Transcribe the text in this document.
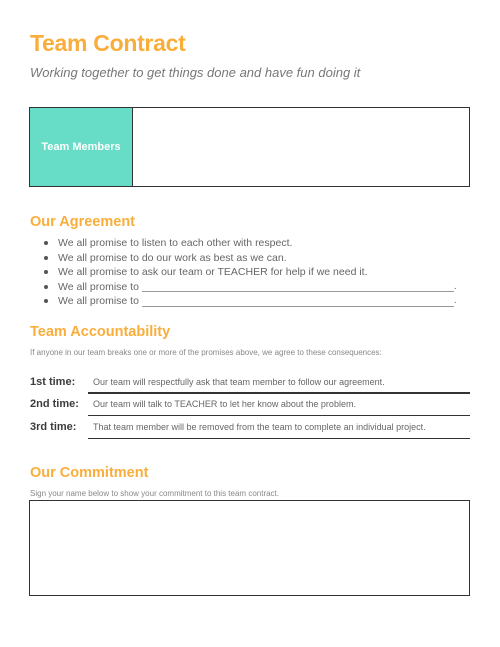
Team Contract
Working together to get things done and have fun doing it
Team Members
Our Agreement
We all promise to listen to each other with respect.
We all promise to do our work as best as we can.
We all promise to ask our team or TEACHER for help if we need it.
We all promise to	.
We all promise to	.
Team Accountability
If anyone in our team breaks one or more of the promises above, we agree to these consequences:
1st time:	Our team will respectfully ask that team member to follow our agreement.
2nd time:	Our team will talk to TEACHER to let her know about the problem.
3rd time:	That team member will be removed from the team to complete an individual project.
Our Commitment
Sign your name below to show your commitment to this team contract.
